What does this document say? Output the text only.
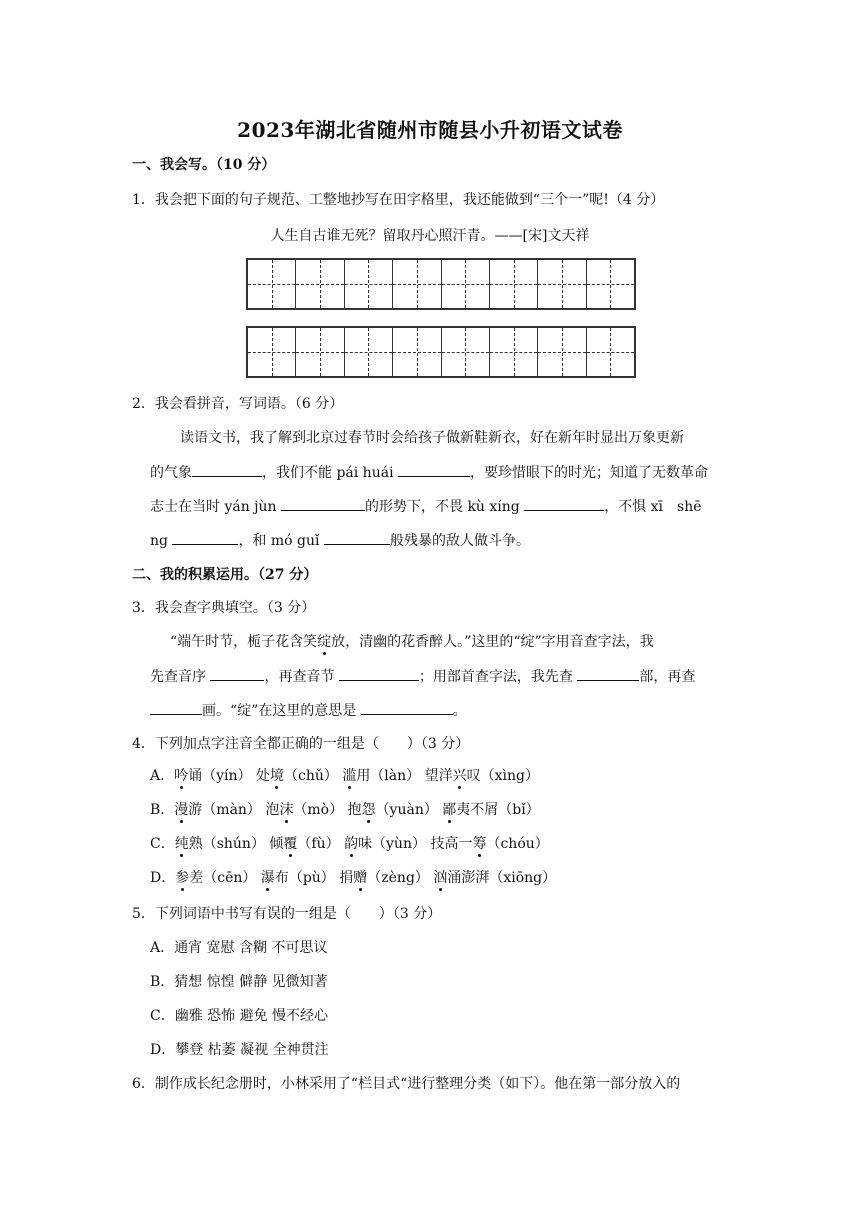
2023年湖北省随州市随县小升初语文试卷
一、我会写。（10 分）
1．我会把下面的句子规范、工整地抄写在田字格里，我还能做到“三个一”呢!（4 分）
人生自古谁无死？留取丹心照汗青。——[宋]文天祥
2．我会看拼音，写词语。（6 分）
读语文书，我了解到北京过春节时会给孩子做新鞋新衣，好在新年时显出万象更新
的气象	，我们不能 pái huái	，要珍惜眼下的时光；知道了无数革命
志士在当时 yán jùn	的形势下，不畏 kù xíng	，不惧 xī　shē
ng	，和 mó guǐ	般残暴的敌人做斗争。
二、我的积累运用。（27 分）
3．我会查字典填空。（3 分）
“端午时节，栀子花含笑绽放，清幽的花香醉人。”这里的“绽”字用音查字法，我
先查音序	，再查音节	；用部首查字法，我先查	部，再查
画。“绽”在这里的意思是	。
4．下列加点字注音全都正确的一组是（　　）（3 分）
A．吟诵（yín） 处境（chǔ） 滥用（làn） 望洋兴叹（xìng）
B．漫游（màn） 泡沫（mò） 抱怨（yuàn） 鄙夷不屑（bǐ）
C．纯熟（shún） 倾覆（fù） 韵味（yùn） 技高一筹（chóu）
D．参差（cēn） 瀑布（pù） 捐赠（zèng） 汹涌澎湃（xiōng）
5．下列词语中书写有误的一组是（　　）（3 分）
A．通宵 宽慰 含糊 不可思议
B．猜想 惊惶 僻静 见微知著
C．幽雅 恐怖 避免 慢不经心
D．攀登 枯萎 凝视 全神贯注
6．制作成长纪念册时，小林采用了“栏目式“进行整理分类（如下）。他在第一部分放入的
